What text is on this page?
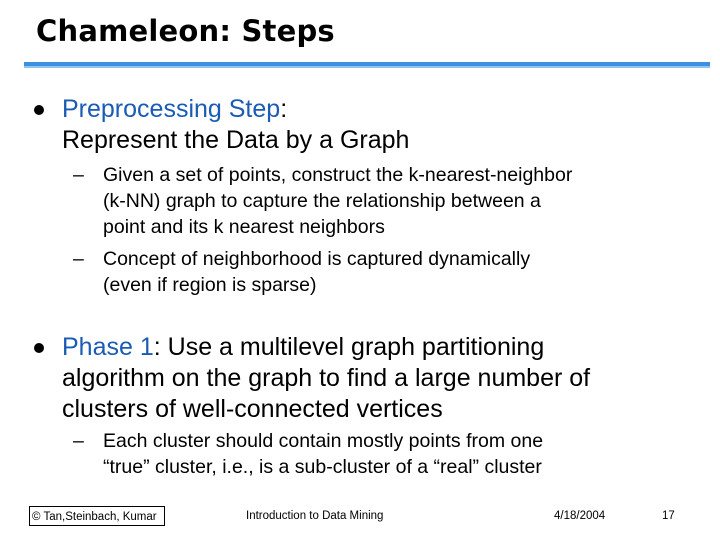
Chameleon: Steps
Preprocessing Step:
Represent the Data by a Graph
– Given a set of points, construct the k-nearest-neighbor
(k-NN) graph to capture the relationship between a
point and its k nearest neighbors
– Concept of neighborhood is captured dynamically
(even if region is sparse)
Phase 1: Use a multilevel graph partitioning
algorithm on the graph to find a large number of
clusters of well-connected vertices
– Each cluster should contain mostly points from one
“true” cluster, i.e., is a sub-cluster of a “real” cluster
© Tan,Steinbach, Kumar	Introduction to Data Mining	4/18/2004	17
